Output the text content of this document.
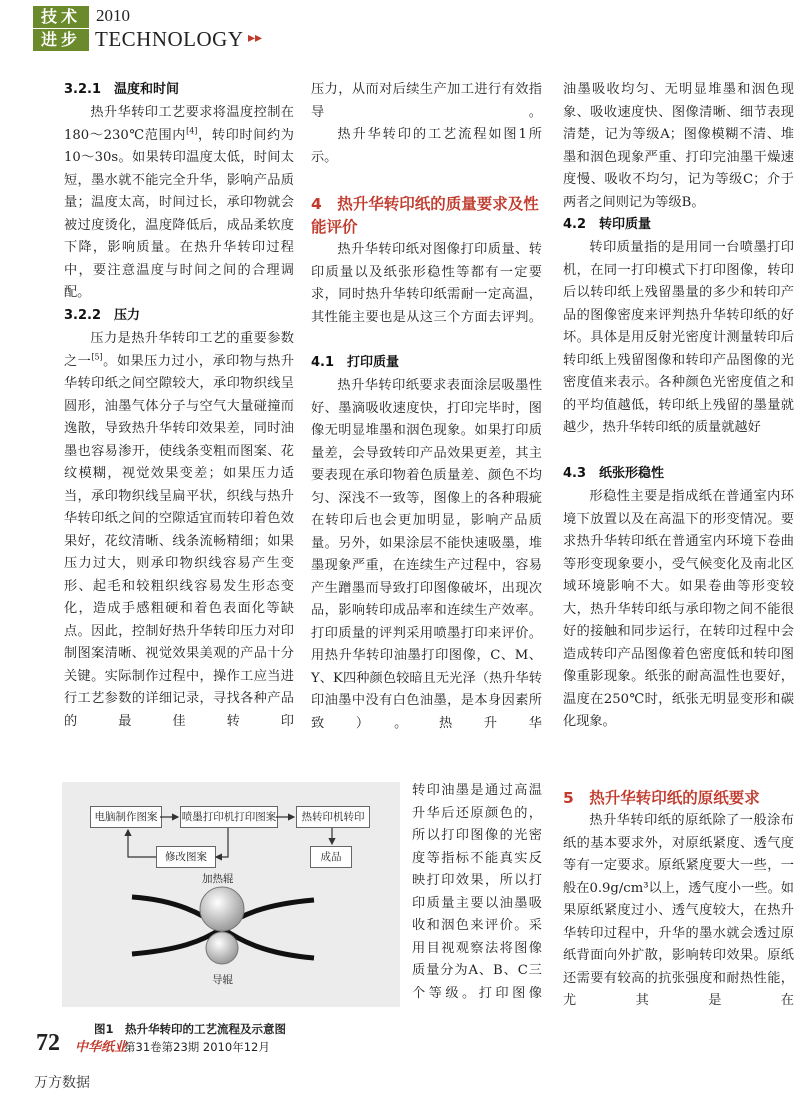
技术
进步
2010
TECHNOLOGY ▸▸
3.2.1　温度和时间

热升华转印工艺要求将温度控制在180～230℃范围内[4]，转印时间约为10～30s。如果转印温度太低，时间太短，墨水就不能完全升华，影响产品质量；温度太高，时间过长，承印物就会被过度烫化，温度降低后，成品柔软度下降，影响质量。在热升华转印过程中，要注意温度与时间之间的合理调配。

3.2.2　压力

压力是热升华转印工艺的重要参数之一[5]。如果压力过小，承印物与热升华转印纸之间空隙较大，承印物织线呈圆形，油墨气体分子与空气大量碰撞而逸散，导致热升华转印效果差，同时油墨也容易渗开，使线条变粗而图案、花纹模糊，视觉效果变差；如果压力适当，承印物织线呈扁平状，织线与热升华转印纸之间的空隙适宜而转印着色效果好，花纹清晰、线条流畅精细；如果压力过大，则承印物织线容易产生变形、起毛和较粗织线容易发生形态变化，造成手感粗硬和着色表面化等缺点。因此，控制好热升华转印压力对印制图案清晰、视觉效果美观的产品十分关键。实际制作过程中，操作工应当进行工艺参数的详细记录，寻找各种产品的最佳转印

压力，从而对后续生产加工进行有效指导。

热升华转印的工艺流程如图1所示。

4　热升华转印纸的质量要求及性能评价

热升华转印纸对图像打印质量、转印质量以及纸张形稳性等都有一定要求，同时热升华转印纸需耐一定高温，其性能主要也是从这三个方面去评判。

4.1　打印质量

热升华转印纸要求表面涂层吸墨性好、墨滴吸收速度快，打印完毕时，图像无明显堆墨和洇色现象。如果打印质量差，会导致转印产品效果更差，其主要表现在承印物着色质量差、颜色不均匀、深浅不一致等，图像上的各种瑕疵在转印后也会更加明显，影响产品质量。另外，如果涂层不能快速吸墨，堆墨现象严重，在连续生产过程中，容易产生蹭墨而导致打印图像破坏，出现次品，影响转印成品率和连续生产效率。打印质量的评判采用喷墨打印来评价。用热升华转印油墨打印图像，C、M、Y、K四种颜色较暗且无光泽（热升华转印油墨中没有白色油墨，是本身因素所致）。热升华

转印油墨是通过高温升华后还原颜色的，所以打印图像的光密度等指标不能真实反映打印效果，所以打印质量主要以油墨吸收和洇色来评价。采用目视观察法将图像质量分为A、B、C三个等级。打印图像

电脑制作图案	喷墨打印机打印图案	热转印机转印
修改图案	成品
加热辊
导辊
图1　热升华转印的工艺流程及示意图

油墨吸收均匀、无明显堆墨和洇色现象、吸收速度快、图像清晰、细节表现清楚，记为等级A；图像模糊不清、堆墨和洇色现象严重、打印完油墨干燥速度慢、吸收不均匀，记为等级C；介于两者之间则记为等级B。

4.2　转印质量

转印质量指的是用同一台喷墨打印机，在同一打印模式下打印图像，转印后以转印纸上残留墨量的多少和转印产品的图像密度来评判热升华转印纸的好坏。具体是用反射光密度计测量转印后转印纸上残留图像和转印产品图像的光密度值来表示。各种颜色光密度值之和的平均值越低，转印纸上残留的墨量就越少，热升华转印纸的质量就越好

4.3　纸张形稳性

形稳性主要是指成纸在普通室内环境下放置以及在高温下的形变情况。要求热升华转印纸在普通室内环境下卷曲等形变现象要小，受气候变化及南北区域环境影响不大。如果卷曲等形变较大，热升华转印纸与承印物之间不能很好的接触和同步运行，在转印过程中会造成转印产品图像着色密度低和转印图像重影现象。纸张的耐高温性也要好，温度在250℃时，纸张无明显变形和碳化现象。

5　热升华转印纸的原纸要求

热升华转印纸的原纸除了一般涂布纸的基本要求外，对原纸紧度、透气度等有一定要求。原纸紧度要大一些，一般在0.9g/cm³以上，透气度小一些。如果原纸紧度过小、透气度较大，在热升华转印过程中，升华的墨水就会透过原纸背面向外扩散，影响转印效果。原纸还需要有较高的抗张强度和耐热性能，尤其是在

72 中华纸业
第31卷第23期 2010年12月
万方数据
